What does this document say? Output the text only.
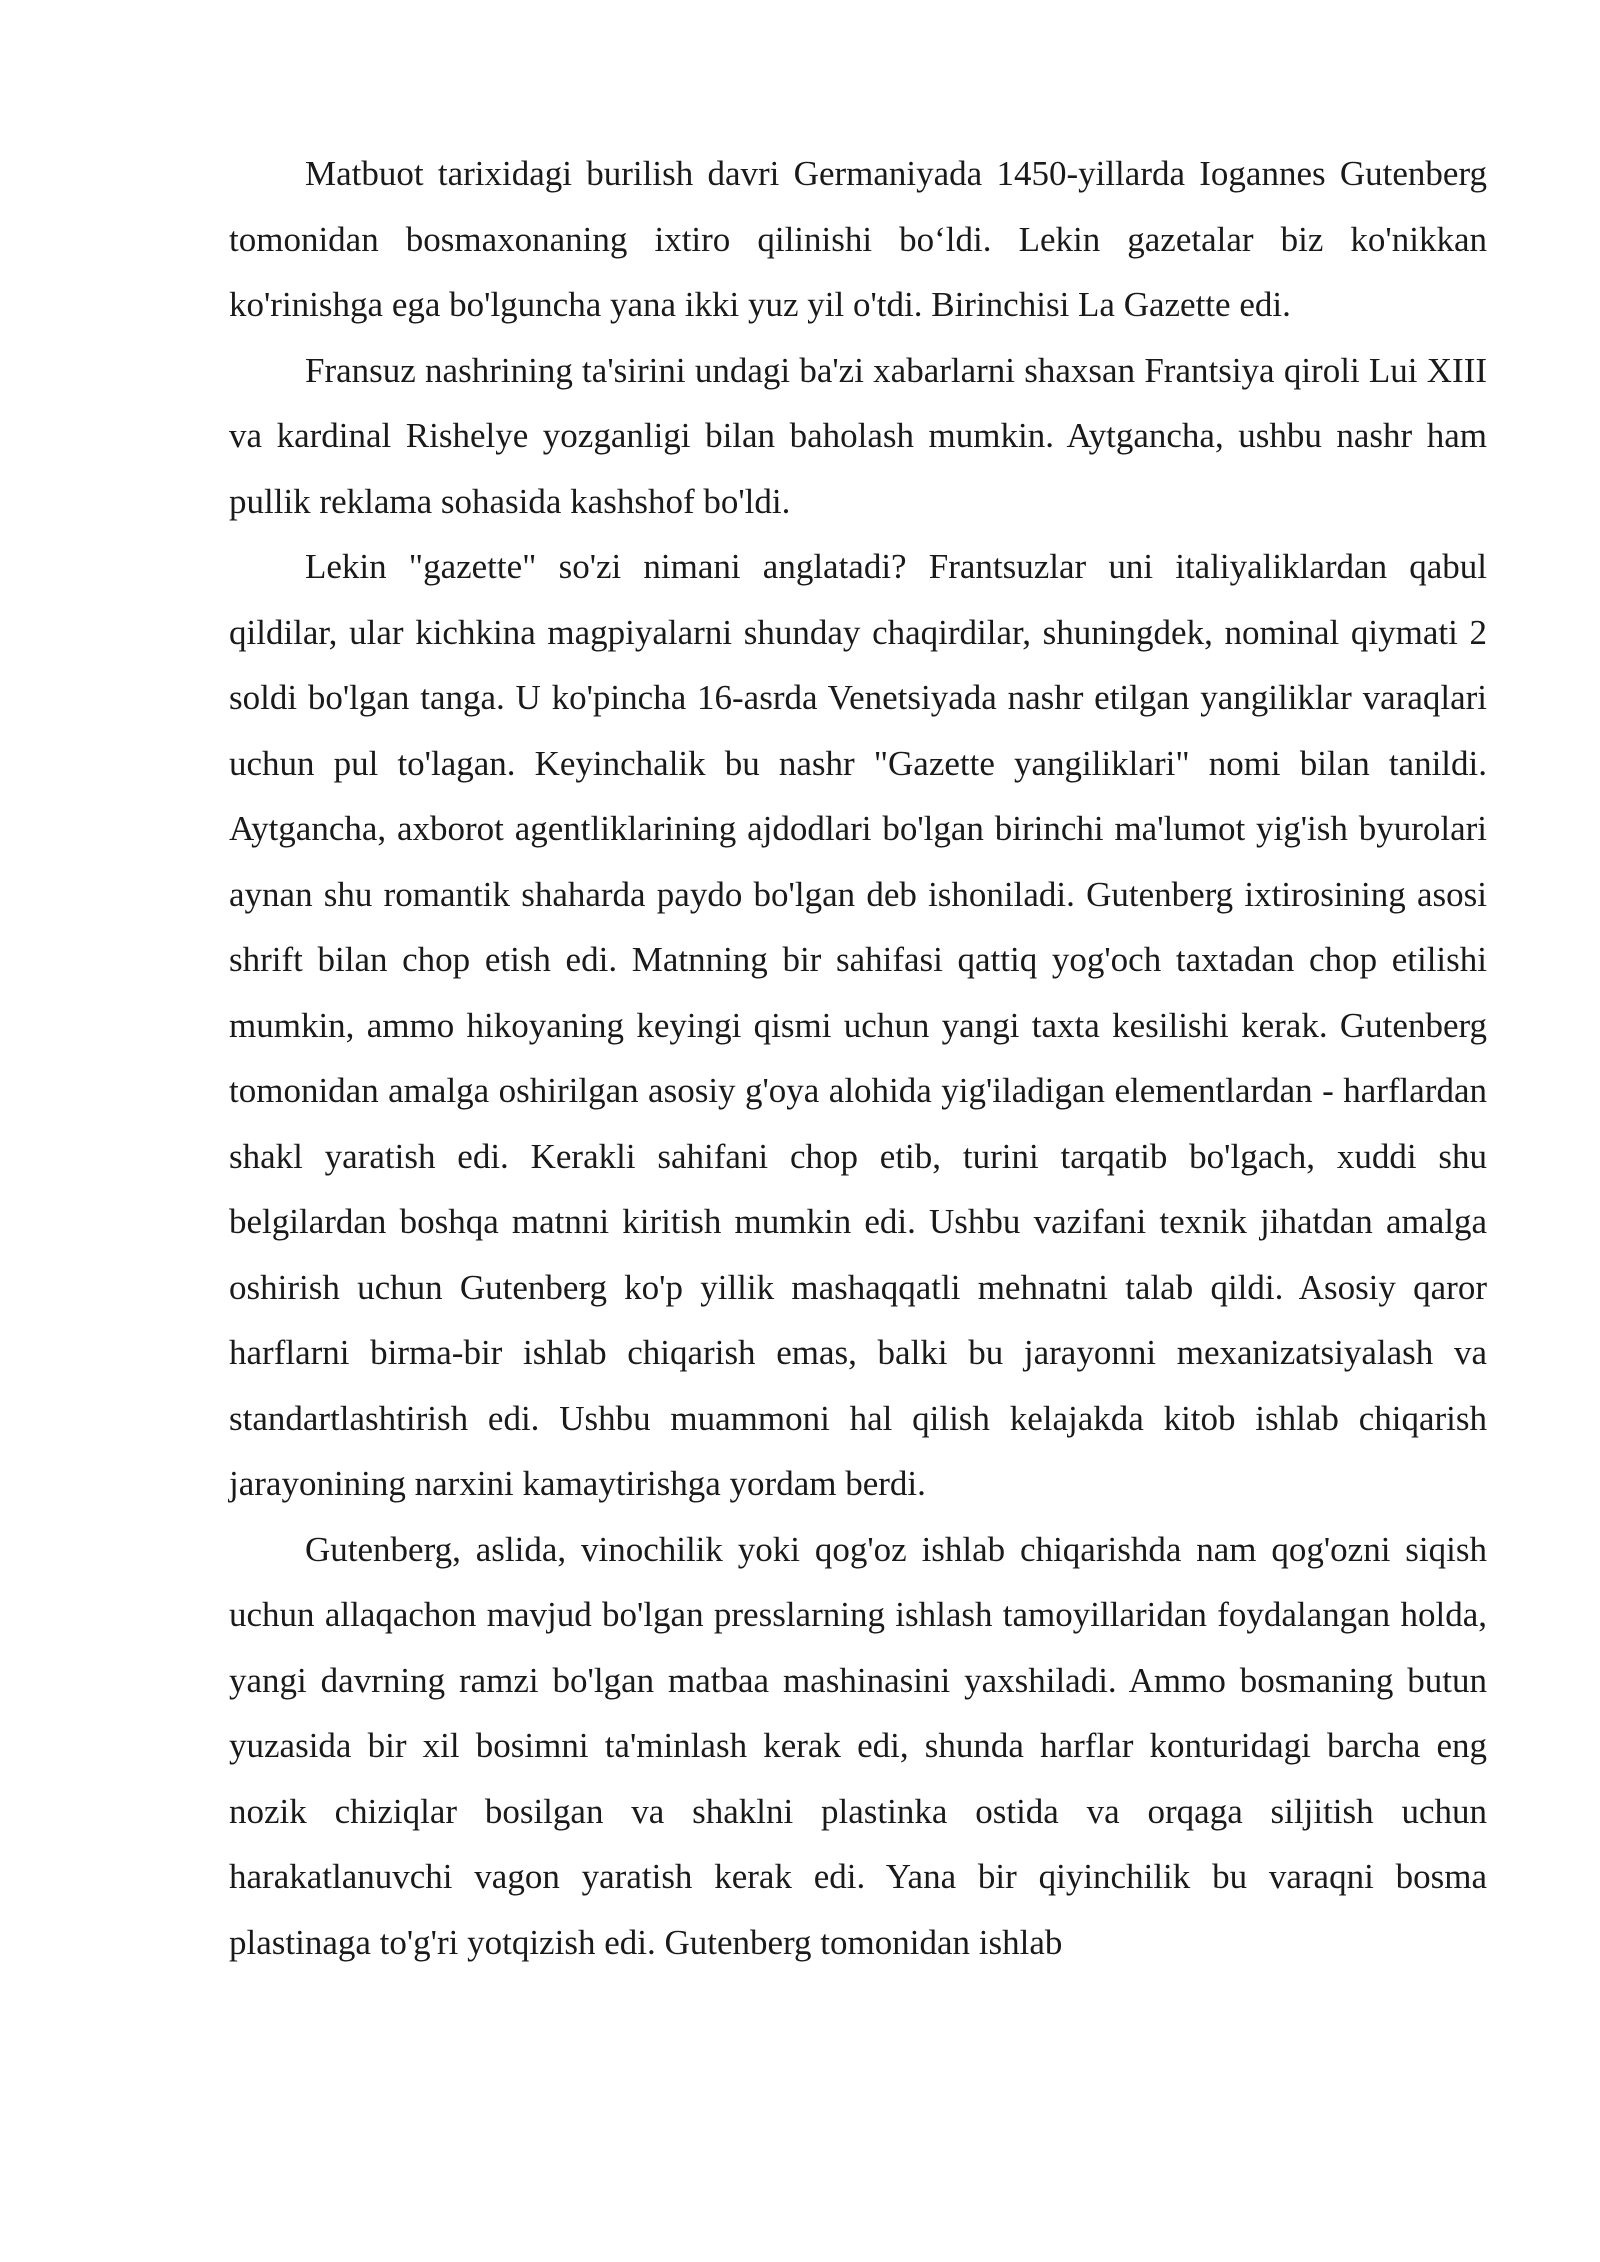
Matbuot tarixidagi burilish davri Germaniyada 1450-yillarda Iogannes Gutenberg tomonidan bosmaxonaning ixtiro qilinishi bo‘ldi. Lekin gazetalar biz ko'nikkan ko'rinishga ega bo'lguncha yana ikki yuz yil o'tdi. Birinchisi La Gazette edi.

Fransuz nashrining ta'sirini undagi ba'zi xabarlarni shaxsan Frantsiya qiroli Lui XIII va kardinal Rishelye yozganligi bilan baholash mumkin. Aytgancha, ushbu nashr ham pullik reklama sohasida kashshof bo'ldi.

Lekin "gazette" so'zi nimani anglatadi? Frantsuzlar uni italiyaliklardan qabul qildilar, ular kichkina magpiyalarni shunday chaqirdilar, shuningdek, nominal qiymati 2 soldi bo'lgan tanga. U ko'pincha 16-asrda Venetsiyada nashr etilgan yangiliklar varaqlari uchun pul to'lagan. Keyinchalik bu nashr "Gazette yangiliklari" nomi bilan tanildi. Aytgancha, axborot agentliklarining ajdodlari bo'lgan birinchi ma'lumot yig'ish byurolari aynan shu romantik shaharda paydo bo'lgan deb ishoniladi. Gutenberg ixtirosining asosi shrift bilan chop etish edi. Matnning bir sahifasi qattiq yog'och taxtadan chop etilishi mumkin, ammo hikoyaning keyingi qismi uchun yangi taxta kesilishi kerak. Gutenberg tomonidan amalga oshirilgan asosiy g'oya alohida yig'iladigan elementlardan - harflardan shakl yaratish edi. Kerakli sahifani chop etib, turini tarqatib bo'lgach, xuddi shu belgilardan boshqa matnni kiritish mumkin edi. Ushbu vazifani texnik jihatdan amalga oshirish uchun Gutenberg ko'p yillik mashaqqatli mehnatni talab qildi. Asosiy qaror harflarni birma-bir ishlab chiqarish emas, balki bu jarayonni mexanizatsiyalash va standartlashtirish edi. Ushbu muammoni hal qilish kelajakda kitob ishlab chiqarish jarayonining narxini kamaytirishga yordam berdi.

Gutenberg, aslida, vinochilik yoki qog'oz ishlab chiqarishda nam qog'ozni siqish uchun allaqachon mavjud bo'lgan presslarning ishlash tamoyillaridan foydalangan holda, yangi davrning ramzi bo'lgan matbaa mashinasini yaxshiladi. Ammo bosmaning butun yuzasida bir xil bosimni ta'minlash kerak edi, shunda harflar konturidagi barcha eng nozik chiziqlar bosilgan va shaklni plastinka ostida va orqaga siljitish uchun harakatlanuvchi vagon yaratish kerak edi. Yana bir qiyinchilik bu varaqni bosma plastinaga to'g'ri yotqizish edi. Gutenberg tomonidan ishlab
